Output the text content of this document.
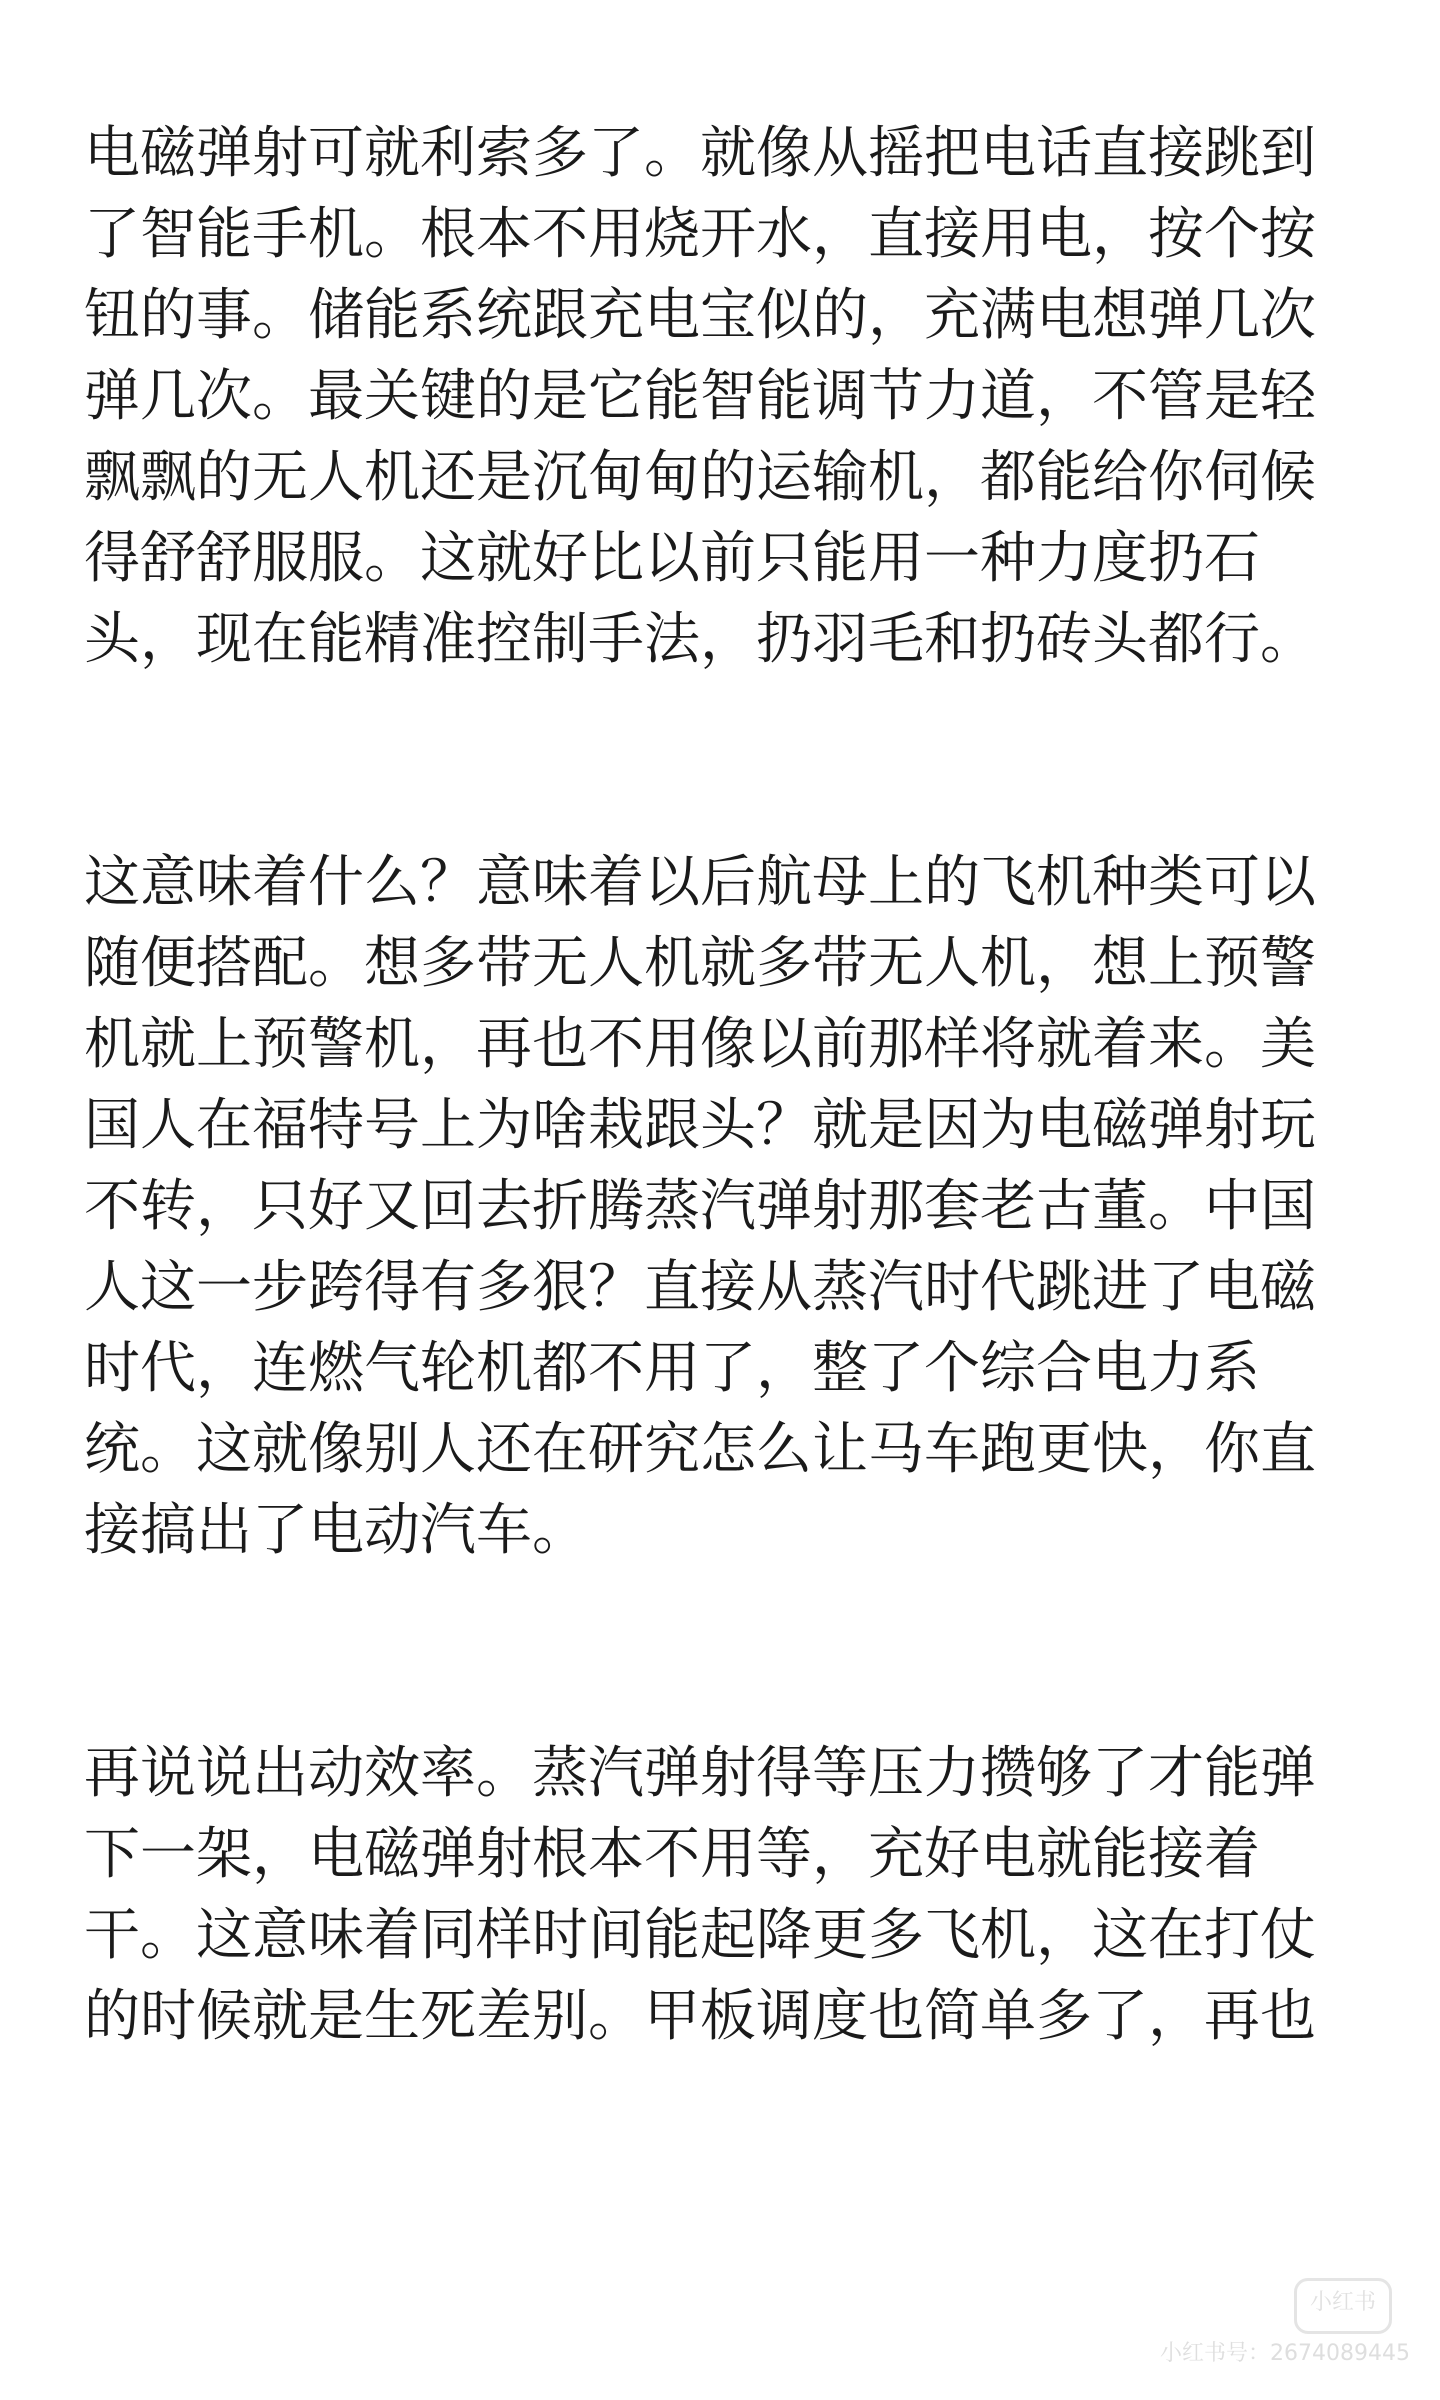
电磁弹射可就利索多了。就像从摇把电话直接跳到
了智能手机。根本不用烧开水，直接用电，按个按
钮的事。储能系统跟充电宝似的，充满电想弹几次
弹几次。最关键的是它能智能调节力道，不管是轻
飘飘的无人机还是沉甸甸的运输机，都能给你伺候
得舒舒服服。这就好比以前只能用一种力度扔石
头，现在能精准控制手法，扔羽毛和扔砖头都行。
这意味着什么？意味着以后航母上的飞机种类可以
随便搭配。想多带无人机就多带无人机，想上预警
机就上预警机，再也不用像以前那样将就着来。美
国人在福特号上为啥栽跟头？就是因为电磁弹射玩
不转，只好又回去折腾蒸汽弹射那套老古董。中国
人这一步跨得有多狠？直接从蒸汽时代跳进了电磁
时代，连燃气轮机都不用了，整了个综合电力系
统。这就像别人还在研究怎么让马车跑更快，你直
接搞出了电动汽车。
再说说出动效率。蒸汽弹射得等压力攒够了才能弹
下一架，电磁弹射根本不用等，充好电就能接着
干。这意味着同样时间能起降更多飞机，这在打仗
的时候就是生死差别。甲板调度也简单多了，再也
小红书
小红书号：2674089445
